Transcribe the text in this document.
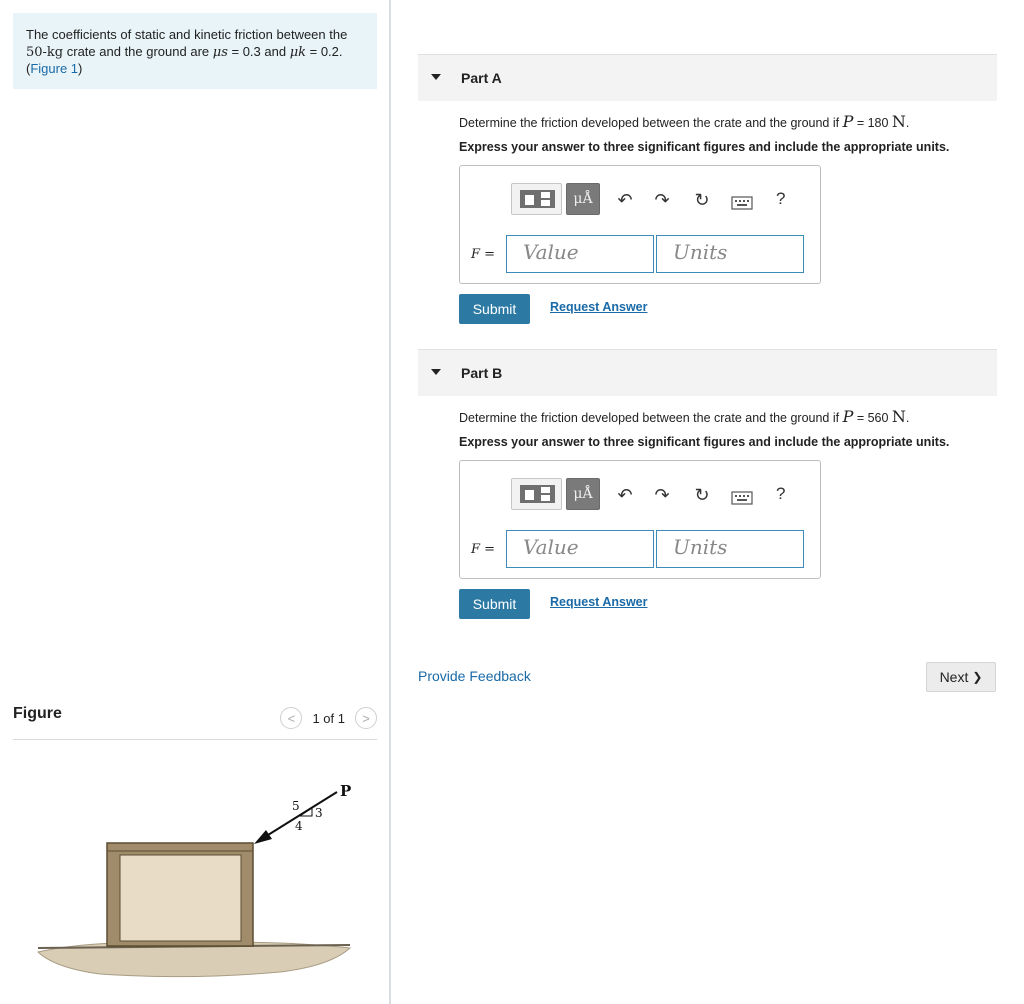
The coefficients of static and kinetic friction between the
50-kg crate and the ground are μs = 0.3 and μk = 0.2.
(Figure 1)
Figure	<	1 of 1	>
P
5 3
4
Part A
Determine the friction developed between the crate and the ground if P = 180 N.
Express your answer to three significant figures and include the appropriate units.
μÅ	↶ ↷ ↻	?
F =	Value	Units
Submit	Request Answer
Part B
Determine the friction developed between the crate and the ground if P = 560 N.
Express your answer to three significant figures and include the appropriate units.
μÅ	↶ ↷ ↻	?
F =	Value	Units
Submit	Request Answer
Provide Feedback	Next ❯
